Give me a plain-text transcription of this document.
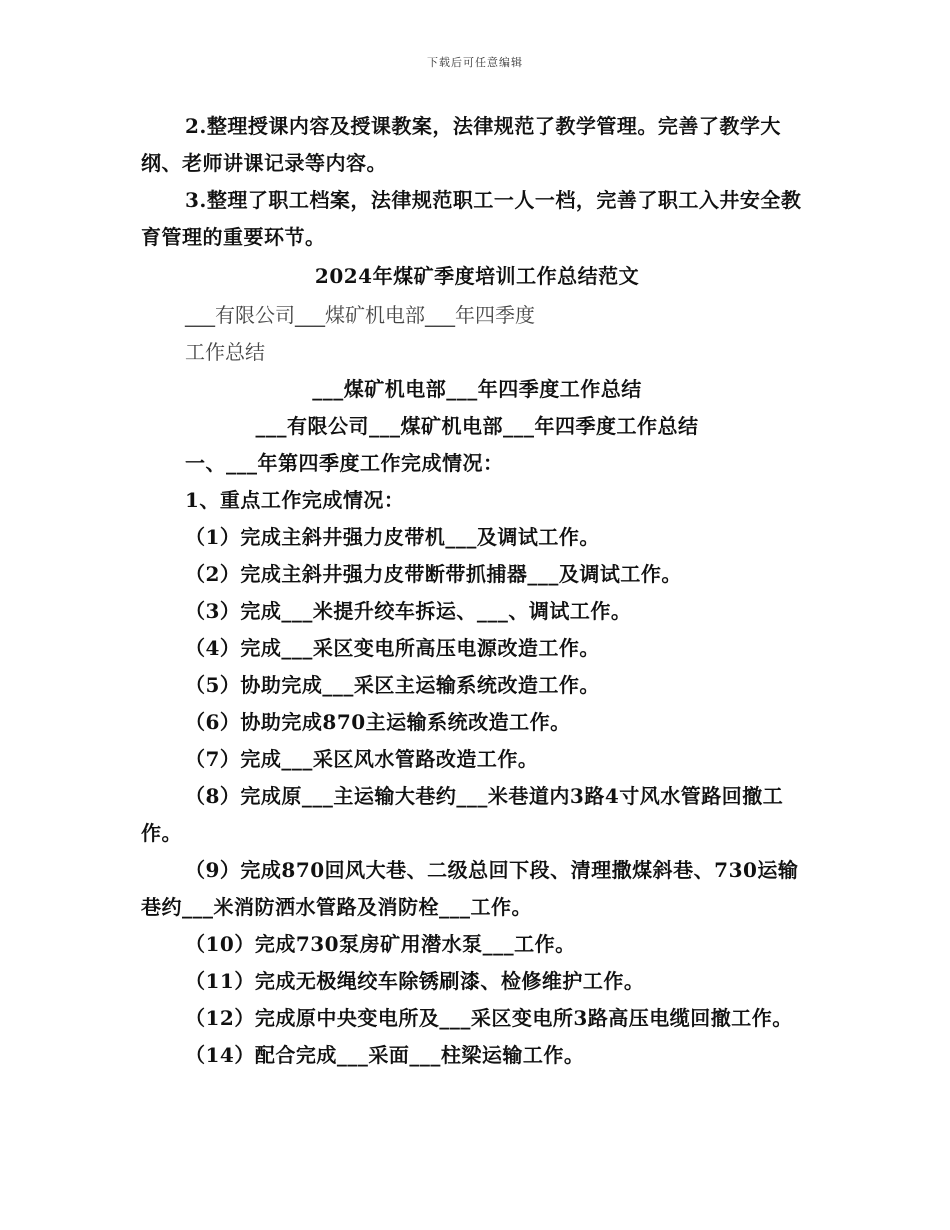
下载后可任意编辑

2.整理授课内容及授课教案，法律规范了教学管理。完善了教学大纲、老师讲课记录等内容。

3.整理了职工档案，法律规范职工一人一档，完善了职工入井安全教育管理的重要环节。

2024年煤矿季度培训工作总结范文

___有限公司___煤矿机电部___年四季度

工作总结

___煤矿机电部___年四季度工作总结

___有限公司___煤矿机电部___年四季度工作总结

一、___年第四季度工作完成情况：

1、重点工作完成情况：

（1）完成主斜井强力皮带机___及调试工作。

（2）完成主斜井强力皮带断带抓捕器___及调试工作。

（3）完成___米提升绞车拆运、___、调试工作。

（4）完成___采区变电所高压电源改造工作。

（5）协助完成___采区主运输系统改造工作。

（6）协助完成870主运输系统改造工作。

（7）完成___采区风水管路改造工作。

（8）完成原___主运输大巷约___米巷道内3路4寸风水管路回撤工作。

（9）完成870回风大巷、二级总回下段、清理撒煤斜巷、730运输巷约___米消防洒水管路及消防栓___工作。

（10）完成730泵房矿用潜水泵___工作。

（11）完成无极绳绞车除锈刷漆、检修维护工作。

（12）完成原中央变电所及___采区变电所3路高压电缆回撤工作。

（14）配合完成___采面___柱梁运输工作。
